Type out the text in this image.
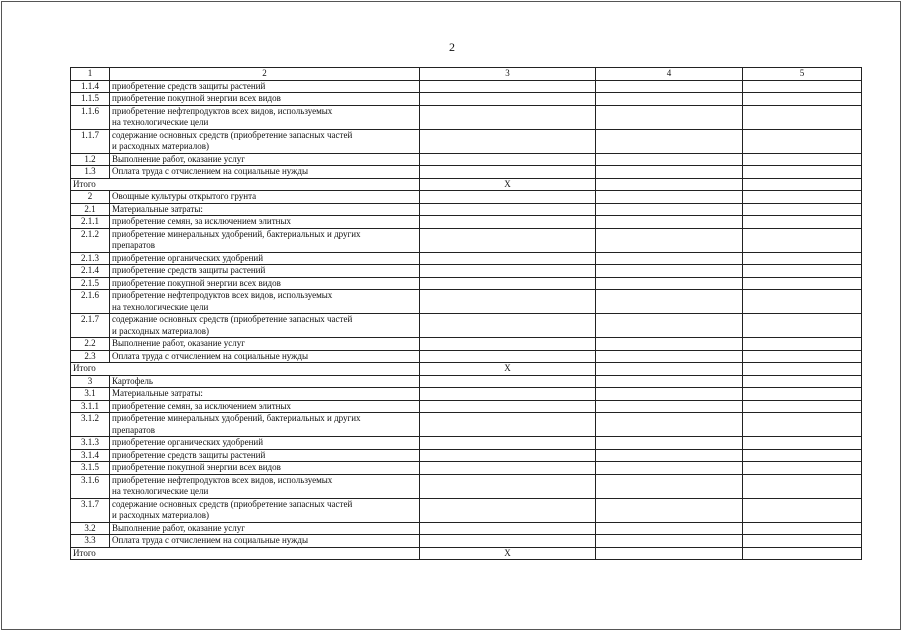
2
1	2	3	4	5
1.1.4	приобретение средств защиты растений			
1.1.5	приобретение покупной энергии всех видов			
1.1.6	приобретение нефтепродуктов всех видов, используемых
на технологические цели			
1.1.7	содержание основных средств (приобретение запасных частей
и расходных материалов)			
1.2	Выполнение работ, оказание услуг			
1.3	Оплата труда с отчислением на социальные нужды			
Итого		X		
2	Овощные культуры открытого грунта			
2.1	Материальные затраты:			
2.1.1	приобретение семян, за исключением элитных			
2.1.2	приобретение минеральных удобрений, бактериальных и других
препаратов			
2.1.3	приобретение органических удобрений			
2.1.4	приобретение средств защиты растений			
2.1.5	приобретение покупной энергии всех видов			
2.1.6	приобретение нефтепродуктов всех видов, используемых
на технологические цели			
2.1.7	содержание основных средств (приобретение запасных частей
и расходных материалов)			
2.2	Выполнение работ, оказание услуг			
2.3	Оплата труда с отчислением на социальные нужды			
Итого		X		
3	Картофель			
3.1	Материальные затраты:			
3.1.1	приобретение семян, за исключением элитных			
3.1.2	приобретение минеральных удобрений, бактериальных и других
препаратов			
3.1.3	приобретение органических удобрений			
3.1.4	приобретение средств защиты растений			
3.1.5	приобретение покупной энергии всех видов			
3.1.6	приобретение нефтепродуктов всех видов, используемых
на технологические цели			
3.1.7	содержание основных средств (приобретение запасных частей
и расходных материалов)			
3.2	Выполнение работ, оказание услуг			
3.3	Оплата труда с отчислением на социальные нужды			
Итого		X		
